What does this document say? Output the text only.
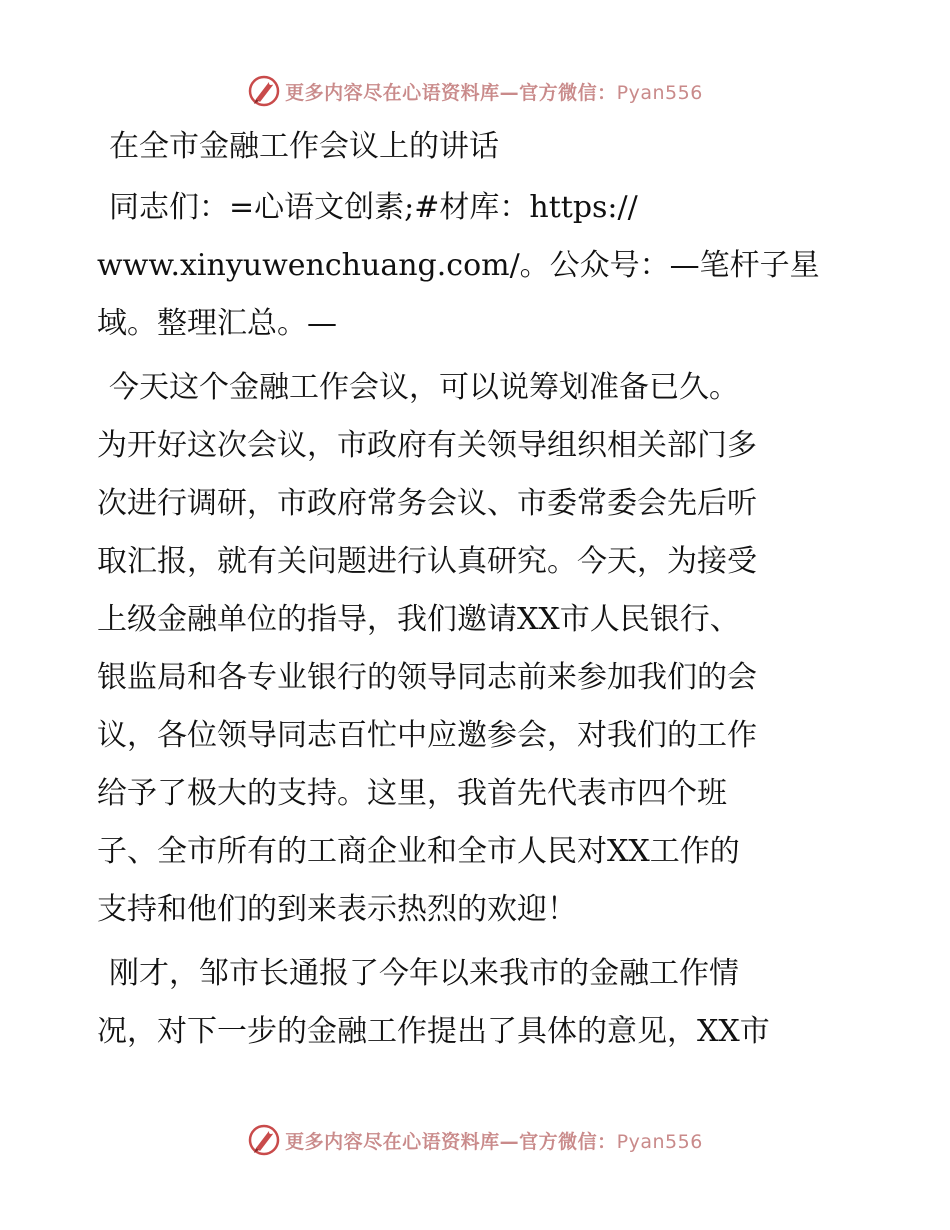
更多内容尽在心语资料库—官方微信：Pyan556
在全市金融工作会议上的讲话
同志们：=心语文创素;#材库：https://
www.xinyuwenchuang.com/。公众号：—笔杆子星
域。整理汇总。—
今天这个金融工作会议，可以说筹划准备已久。
为开好这次会议，市政府有关领导组织相关部门多
次进行调研，市政府常务会议、市委常委会先后听
取汇报，就有关问题进行认真研究。今天，为接受
上级金融单位的指导，我们邀请XX市人民银行、
银监局和各专业银行的领导同志前来参加我们的会
议，各位领导同志百忙中应邀参会，对我们的工作
给予了极大的支持。这里，我首先代表市四个班
子、全市所有的工商企业和全市人民对XX工作的
支持和他们的到来表示热烈的欢迎！
刚才，邹市长通报了今年以来我市的金融工作情
况，对下一步的金融工作提出了具体的意见，XX市
更多内容尽在心语资料库—官方微信：Pyan556
